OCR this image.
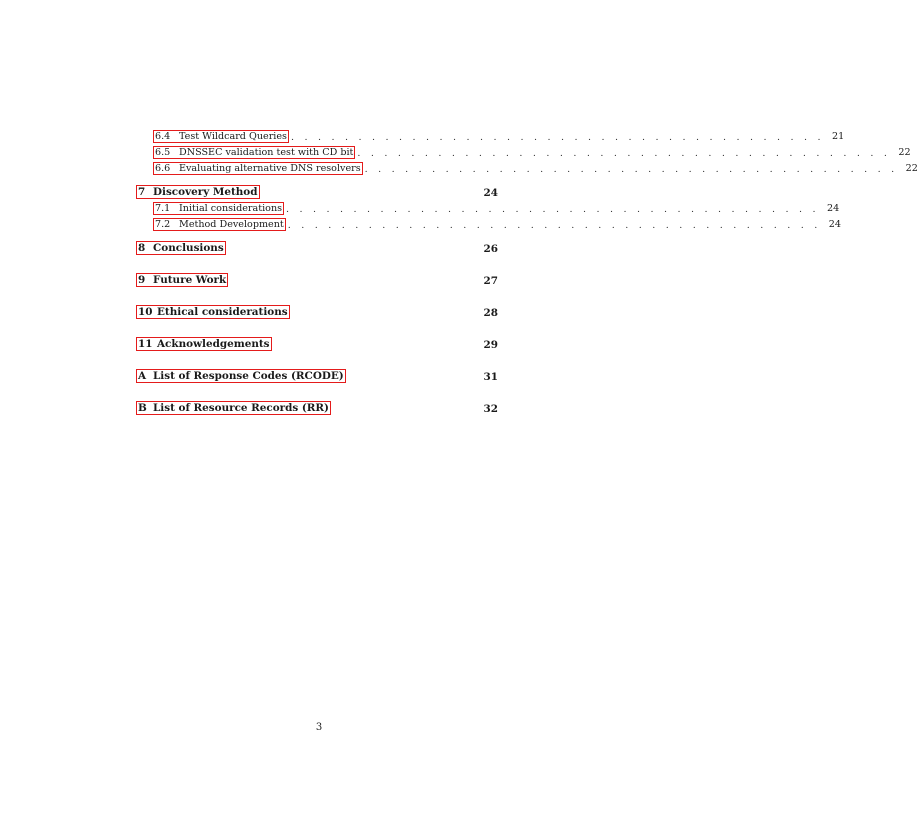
6.4 Test Wildcard Queries . . . . . . . . . . . . . . . . . . . . . . . . . . . . . . . . . . . . . . . . 21
6.5 DNSSEC validation test with CD bit . . . . . . . . . . . . . . . . . . . . . . . . . . . . . . . . . . . . . . . . 22
6.6 Evaluating alternative DNS resolvers . . . . . . . . . . . . . . . . . . . . . . . . . . . . . . . . . . . . . . . . 22
7 Discovery Method	24
7.1 Initial considerations . . . . . . . . . . . . . . . . . . . . . . . . . . . . . . . . . . . . . . . . 24
7.2 Method Development . . . . . . . . . . . . . . . . . . . . . . . . . . . . . . . . . . . . . . . . 24
8 Conclusions	26
9 Future Work	27
10 Ethical considerations	28
11 Acknowledgements	29
A List of Response Codes (RCODE)	31
B List of Resource Records (RR)	32
3
